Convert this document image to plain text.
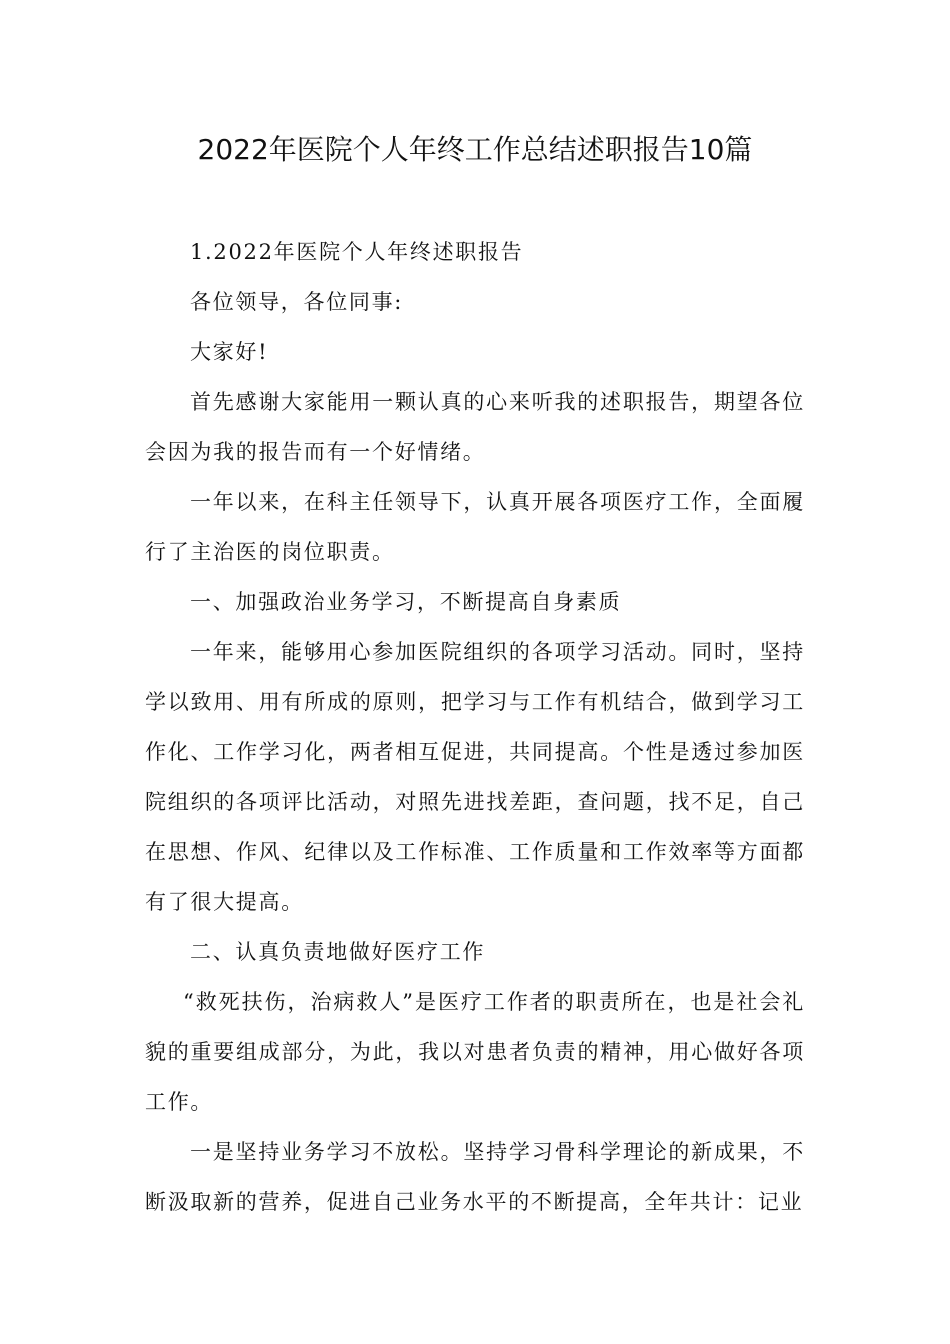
2022年医院个人年终工作总结述职报告10篇

1.2022年医院个人年终述职报告

各位领导，各位同事:

大家好!

首先感谢大家能用一颗认真的心来听我的述职报告，期望各位会因为我的报告而有一个好情绪。

一年以来，在科主任领导下，认真开展各项医疗工作，全面履行了主治医的岗位职责。

一、加强政治业务学习，不断提高自身素质

一年来，能够用心参加医院组织的各项学习活动。同时，坚持学以致用、用有所成的原则，把学习与工作有机结合，做到学习工作化、工作学习化，两者相互促进，共同提高。个性是透过参加医院组织的各项评比活动，对照先进找差距，查问题，找不足，自己在思想、作风、纪律以及工作标准、工作质量和工作效率等方面都有了很大提高。

二、认真负责地做好医疗工作

“救死扶伤，治病救人”是医疗工作者的职责所在，也是社会礼貌的重要组成部分，为此，我以对患者负责的精神，用心做好各项工作。

一是坚持业务学习不放松。坚持学习骨科学理论的新成果，不断汲取新的营养，促进自己业务水平的不断提高，全年共计：记业
